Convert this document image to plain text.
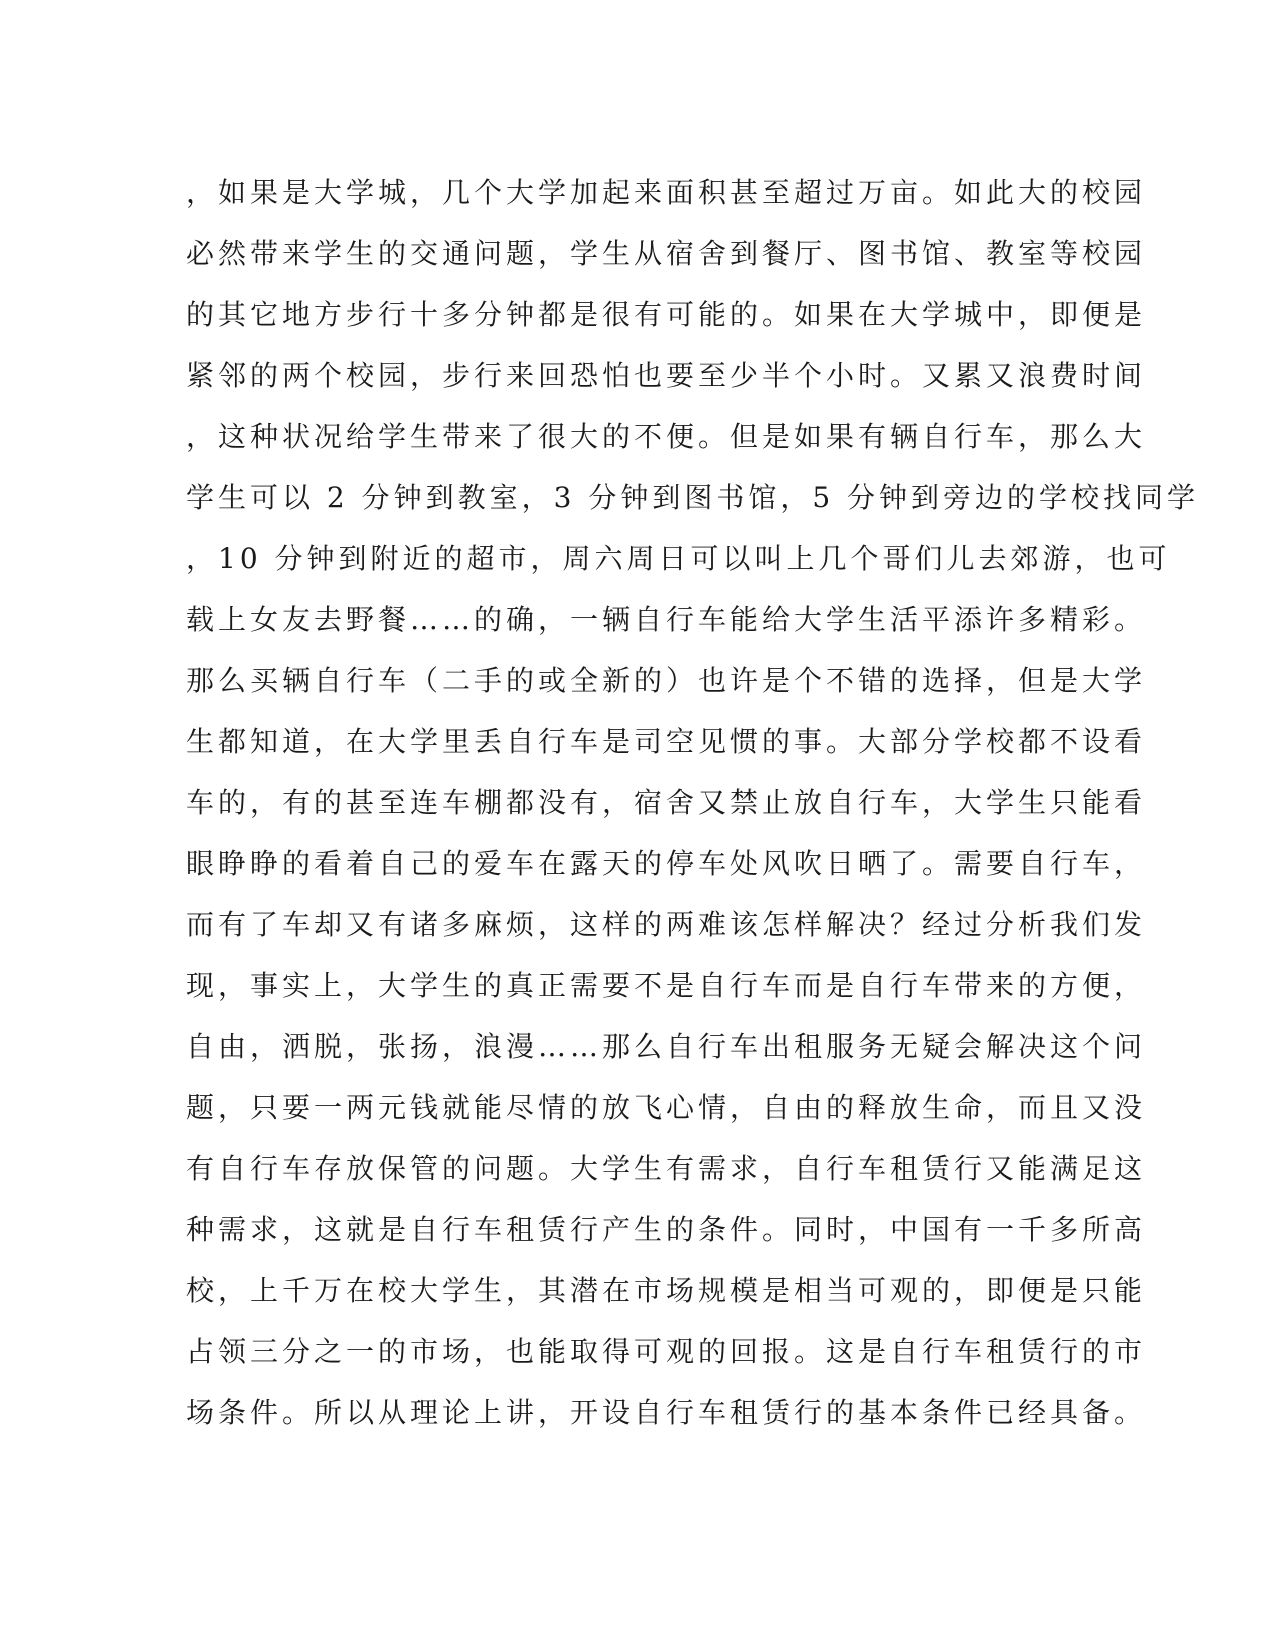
，如果是大学城，几个大学加起来面积甚至超过万亩。如此大的校园
必然带来学生的交通问题，学生从宿舍到餐厅、图书馆、教室等校园
的其它地方步行十多分钟都是很有可能的。如果在大学城中，即便是
紧邻的两个校园，步行来回恐怕也要至少半个小时。又累又浪费时间
，这种状况给学生带来了很大的不便。但是如果有辆自行车，那么大
学生可以 2 分钟到教室，3 分钟到图书馆，5 分钟到旁边的学校找同学
，10 分钟到附近的超市，周六周日可以叫上几个哥们儿去郊游，也可
载上女友去野餐……的确，一辆自行车能给大学生活平添许多精彩。
那么买辆自行车（二手的或全新的）也许是个不错的选择，但是大学
生都知道，在大学里丢自行车是司空见惯的事。大部分学校都不设看
车的，有的甚至连车棚都没有，宿舍又禁止放自行车，大学生只能看
眼睁睁的看着自己的爱车在露天的停车处风吹日晒了。需要自行车，
而有了车却又有诸多麻烦，这样的两难该怎样解决？经过分析我们发
现，事实上，大学生的真正需要不是自行车而是自行车带来的方便，
自由，洒脱，张扬，浪漫……那么自行车出租服务无疑会解决这个问
题，只要一两元钱就能尽情的放飞心情，自由的释放生命，而且又没
有自行车存放保管的问题。大学生有需求，自行车租赁行又能满足这
种需求，这就是自行车租赁行产生的条件。同时，中国有一千多所高
校，上千万在校大学生，其潜在市场规模是相当可观的，即便是只能
占领三分之一的市场，也能取得可观的回报。这是自行车租赁行的市
场条件。所以从理论上讲，开设自行车租赁行的基本条件已经具备。
